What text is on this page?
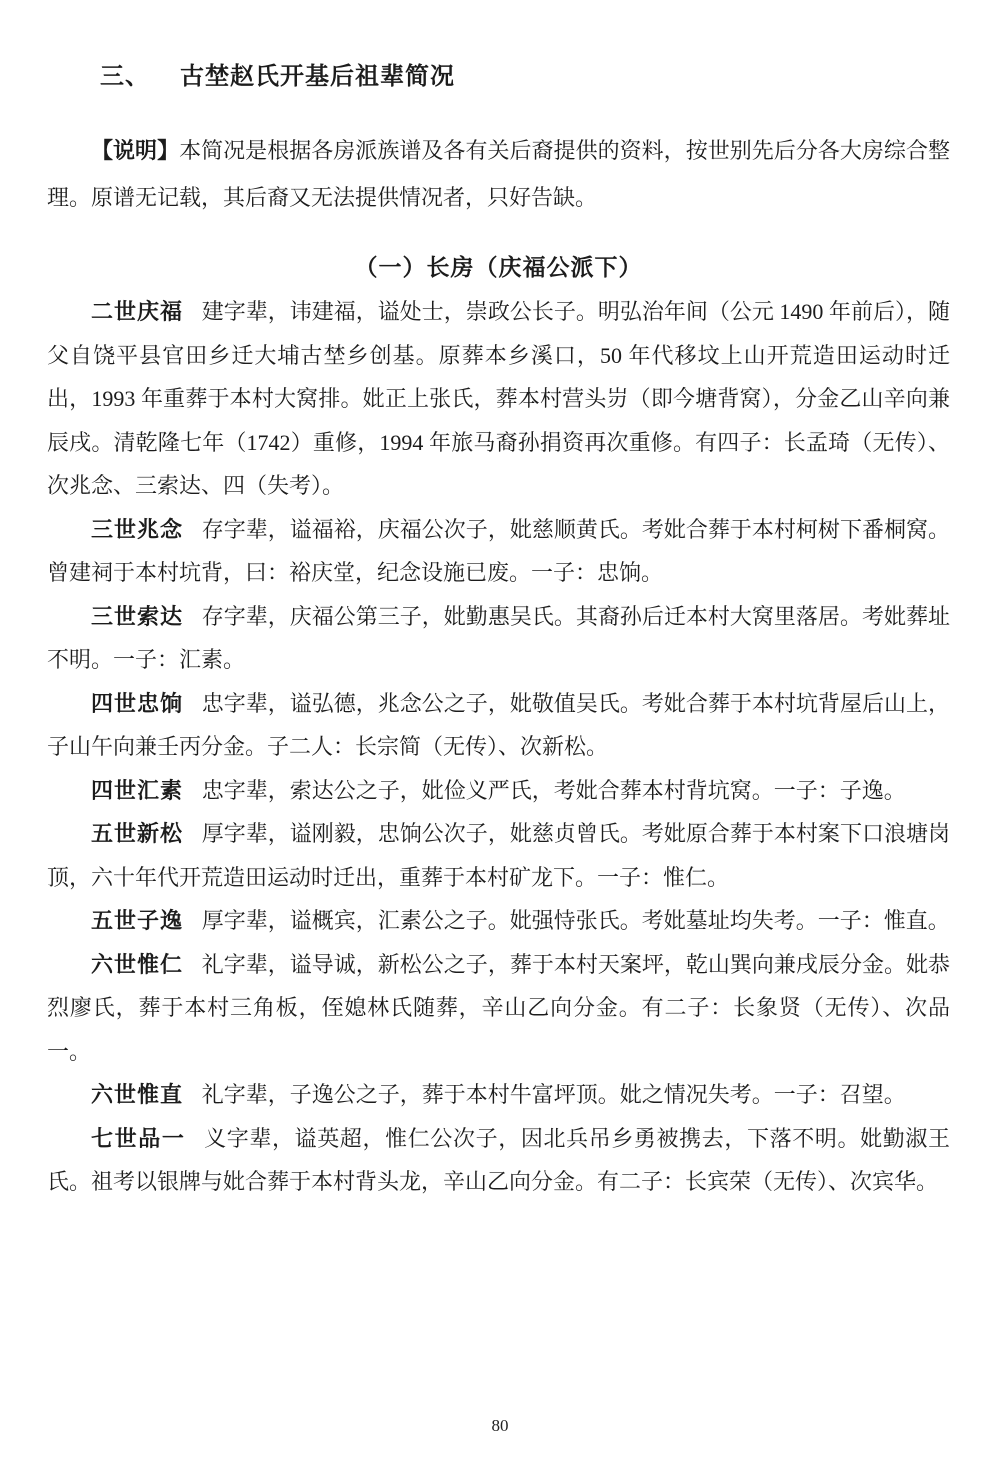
三、 古埜赵氏开基后祖辈简况

【说明】本简况是根据各房派族谱及各有关后裔提供的资料，按世别先后分各大房综合整理。原谱无记载，其后裔又无法提供情况者，只好告缺。

（一）长房（庆福公派下）

二世庆福 建字辈，讳建福，谥处士，崇政公长子。明弘治年间（公元 1490 年前后），随父自饶平县官田乡迁大埔古埜乡创基。原葬本乡溪口，50 年代移坟上山开荒造田运动时迁出，1993 年重葬于本村大窝排。妣正上张氏，葬本村营头岃（即今塘背窝），分金乙山辛向兼辰戌。清乾隆七年（1742）重修，1994 年旅马裔孙捐资再次重修。有四子：长孟琦（无传）、次兆念、三索达、四（失考）。

三世兆念 存字辈，谥福裕，庆福公次子，妣慈顺黄氏。考妣合葬于本村柯树下番桐窝。曾建祠于本村坑背，曰：裕庆堂，纪念设施已废。一子：忠饷。

三世索达 存字辈，庆福公第三子，妣勤惠吴氏。其裔孙后迁本村大窝里落居。考妣葬址不明。一子：汇素。

四世忠饷 忠字辈，谥弘德，兆念公之子，妣敬值吴氏。考妣合葬于本村坑背屋后山上，子山午向兼壬丙分金。子二人：长宗简（无传）、次新松。

四世汇素 忠字辈，索达公之子，妣俭义严氏，考妣合葬本村背坑窝。一子：子逸。

五世新松 厚字辈，谥刚毅，忠饷公次子，妣慈贞曾氏。考妣原合葬于本村案下口浪塘岗顶，六十年代开荒造田运动时迁出，重葬于本村矿龙下。一子：惟仁。

五世子逸 厚字辈，谥概宾，汇素公之子。妣强恃张氏。考妣墓址均失考。一子：惟直。

六世惟仁 礼字辈，谥导诚，新松公之子，葬于本村天案坪，乾山巽向兼戌辰分金。妣恭烈廖氏，葬于本村三角板，侄媳林氏随葬，辛山乙向分金。有二子：长象贤（无传）、次品一。

六世惟直 礼字辈，子逸公之子，葬于本村牛富坪顶。妣之情况失考。一子：召望。

七世品一 义字辈，谥英超，惟仁公次子，因北兵吊乡勇被携去，下落不明。妣勤淑王氏。祖考以银牌与妣合葬于本村背头龙，辛山乙向分金。有二子：长宾荣（无传）、次宾华。

80
